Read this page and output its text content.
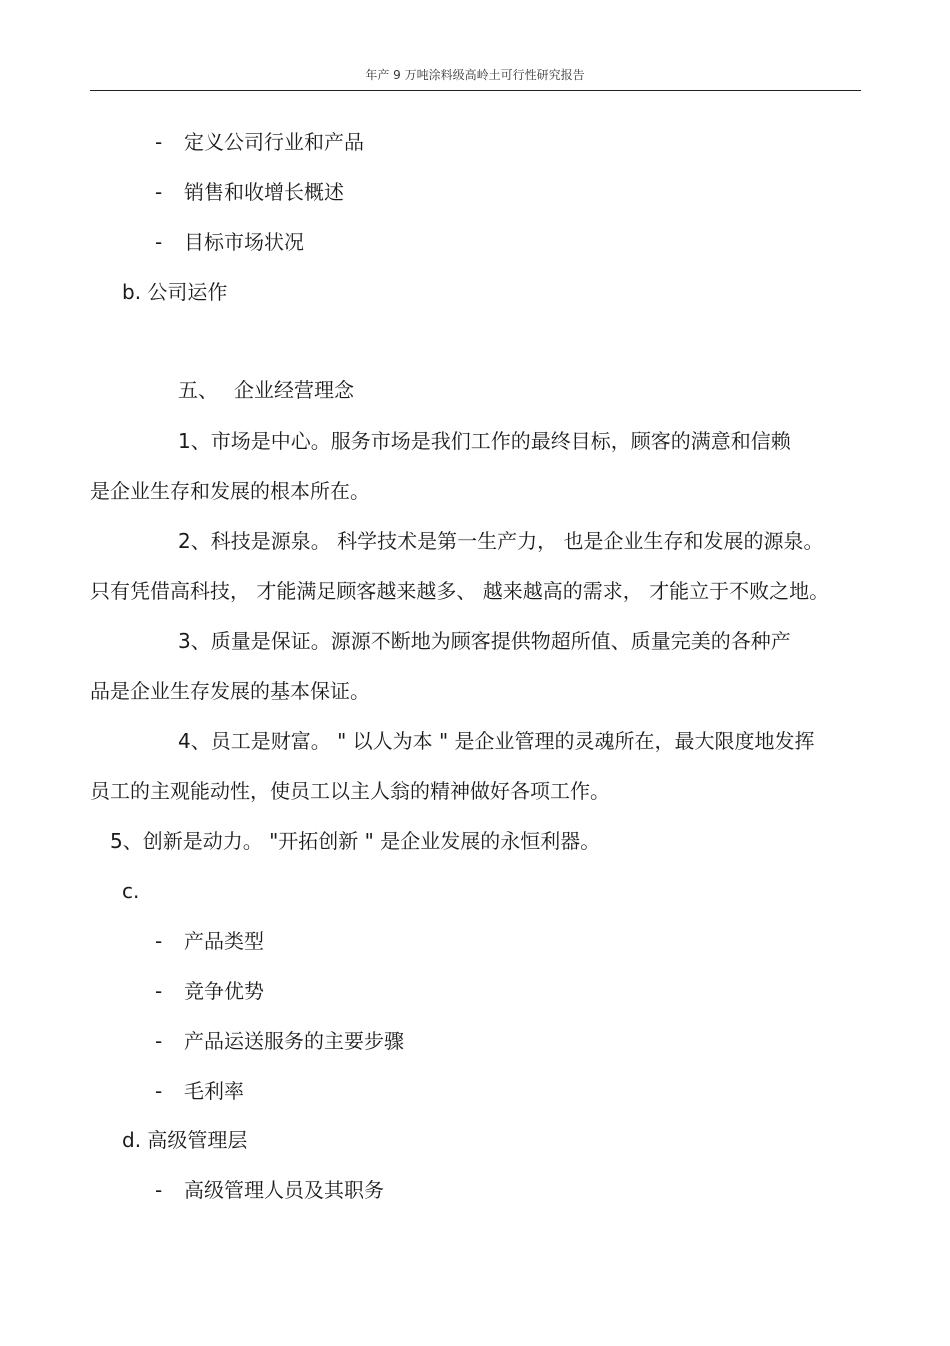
年产 9 万吨涂料级高岭土可行性研究报告
- 定义公司行业和产品
- 销售和收增长概述
- 目标市场状况
b. 公司运作
五、 企业经营理念
1、市场是中心。服务市场是我们工作的最终目标，顾客的满意和信赖
是企业生存和发展的根本所在。
2、科技是源泉。 科学技术是第一生产力， 也是企业生存和发展的源泉。
只有凭借高科技， 才能满足顾客越来越多、 越来越高的需求， 才能立于不败之地。
3、质量是保证。源源不断地为顾客提供物超所值、质量完美的各种产
品是企业生存发展的基本保证。
4、员工是财富。 " 以人为本 " 是企业管理的灵魂所在，最大限度地发挥
员工的主观能动性，使员工以主人翁的精神做好各项工作。
5、创新是动力。 "开拓创新 " 是企业发展的永恒利器。
c.
- 产品类型
- 竞争优势
- 产品运送服务的主要步骤
- 毛利率
d. 高级管理层
- 高级管理人员及其职务
